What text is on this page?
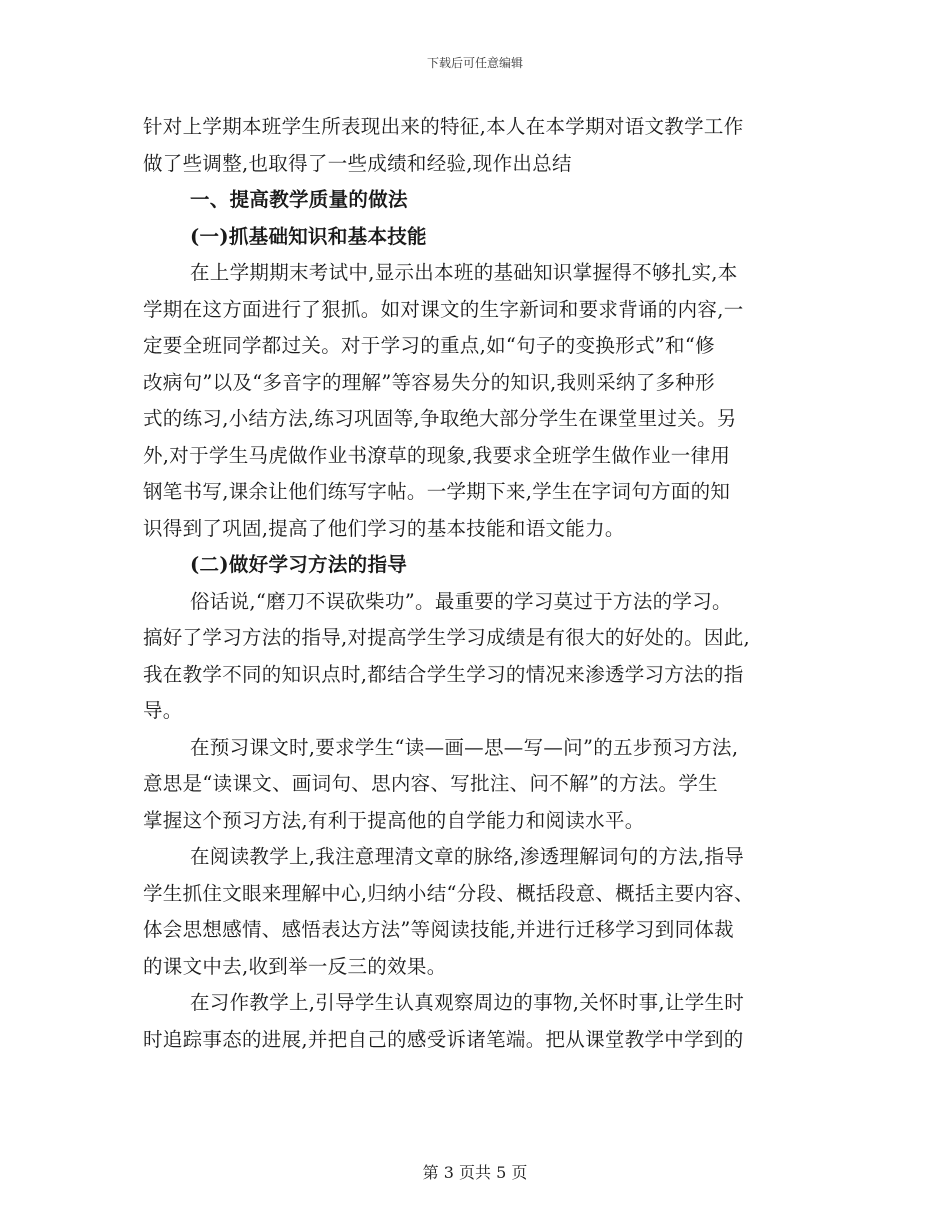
下载后可任意编辑
针对上学期本班学生所表现出来的特征,本人在本学期对语文教学工作
做了些调整,也取得了一些成绩和经验,现作出总结
一、提高教学质量的做法
(一)抓基础知识和基本技能
在上学期期末考试中,显示出本班的基础知识掌握得不够扎实,本
学期在这方面进行了狠抓。如对课文的生字新词和要求背诵的内容,一
定要全班同学都过关。对于学习的重点,如“句子的变换形式”和“修
改病句”以及“多音字的理解”等容易失分的知识,我则采纳了多种形
式的练习,小结方法,练习巩固等,争取绝大部分学生在课堂里过关。另
外,对于学生马虎做作业书潦草的现象,我要求全班学生做作业一律用
钢笔书写,课余让他们练写字帖。一学期下来,学生在字词句方面的知
识得到了巩固,提高了他们学习的基本技能和语文能力。
(二)做好学习方法的指导
俗话说,“磨刀不误砍柴功”。最重要的学习莫过于方法的学习。
搞好了学习方法的指导,对提高学生学习成绩是有很大的好处的。因此,
我在教学不同的知识点时,都结合学生学习的情况来渗透学习方法的指
导。
在预习课文时,要求学生“读—画—思—写—问”的五步预习方法,
意思是“读课文、画词句、思内容、写批注、问不解”的方法。学生
掌握这个预习方法,有利于提高他的自学能力和阅读水平。
在阅读教学上,我注意理清文章的脉络,渗透理解词句的方法,指导
学生抓住文眼来理解中心,归纳小结“分段、概括段意、概括主要内容、
体会思想感情、感悟表达方法”等阅读技能,并进行迁移学习到同体裁
的课文中去,收到举一反三的效果。
在习作教学上,引导学生认真观察周边的事物,关怀时事,让学生时
时追踪事态的进展,并把自己的感受诉诸笔端。把从课堂教学中学到的
第 3 页共 5 页
